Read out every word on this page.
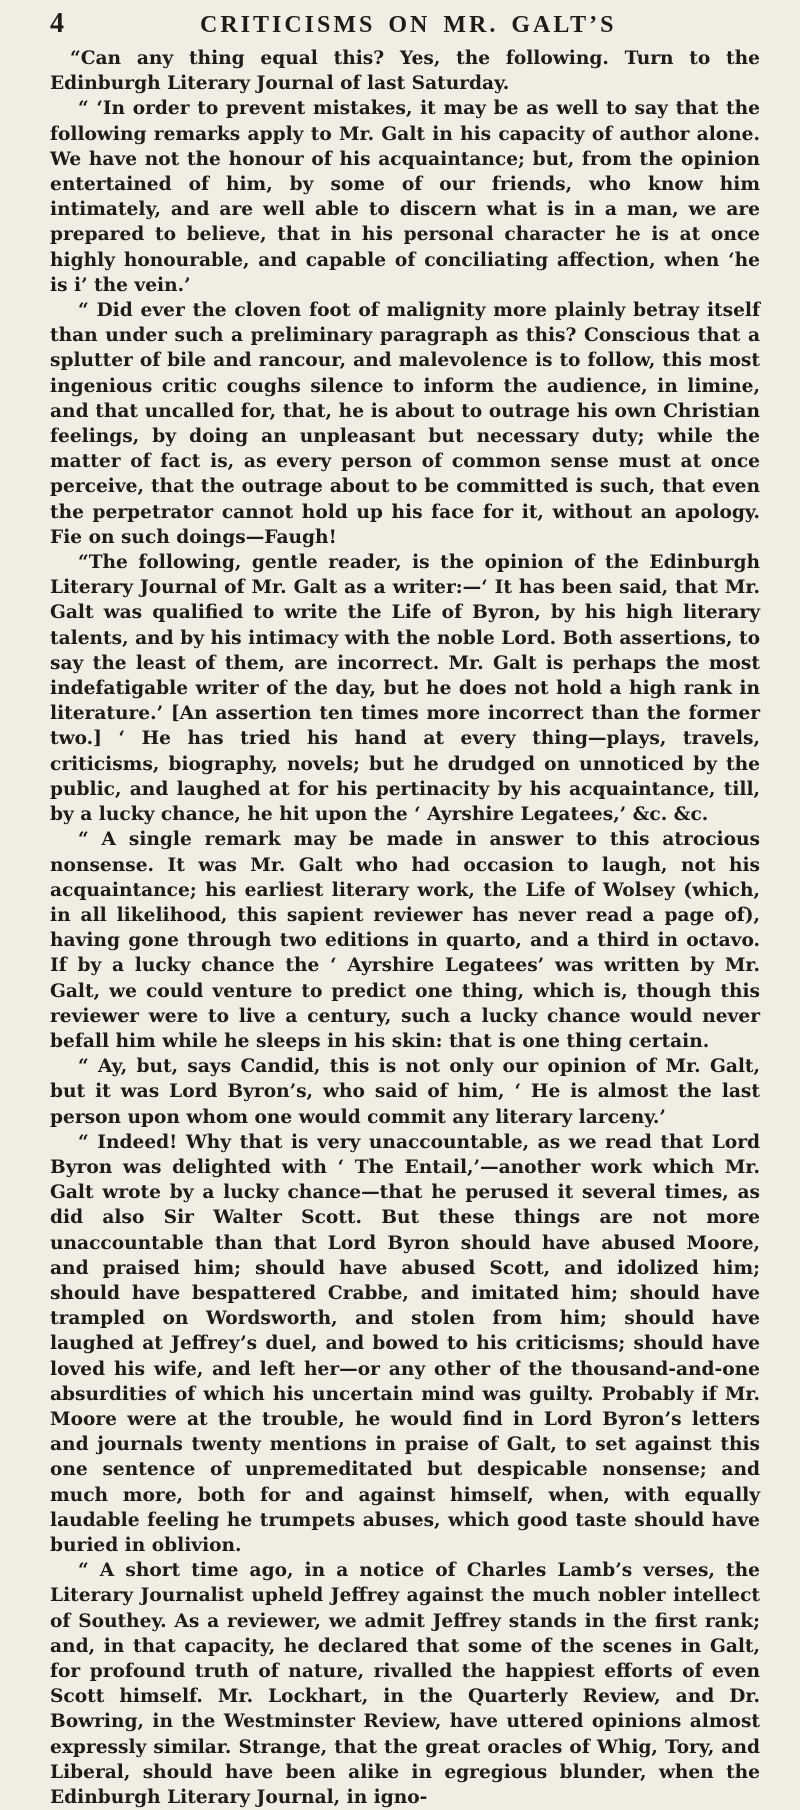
4	CRITICISMS ON MR. GALT’S

“Can any thing equal this? Yes, the following. Turn to the Edinburgh Literary Journal of last Saturday.

“ ‘In order to prevent mistakes, it may be as well to say that the following remarks apply to Mr. Galt in his capacity of author alone. We have not the honour of his acquaintance; but, from the opinion entertained of him, by some of our friends, who know him intimately, and are well able to discern what is in a man, we are prepared to believe, that in his personal character he is at once highly honourable, and capable of conciliating affection, when ‘he is i’ the vein.’

“ Did ever the cloven foot of malignity more plainly betray itself than under such a preliminary paragraph as this? Conscious that a splutter of bile and rancour, and malevolence is to follow, this most ingenious critic coughs silence to inform the audience, in limine, and that uncalled for, that, he is about to outrage his own Christian feelings, by doing an unpleasant but necessary duty; while the matter of fact is, as every person of common sense must at once perceive, that the outrage about to be committed is such, that even the perpetrator cannot hold up his face for it, without an apology. Fie on such doings—Faugh!

“The following, gentle reader, is the opinion of the Edinburgh Literary Journal of Mr. Galt as a writer:—‘ It has been said, that Mr. Galt was qualified to write the Life of Byron, by his high literary talents, and by his intimacy with the noble Lord. Both assertions, to say the least of them, are incorrect. Mr. Galt is perhaps the most indefatigable writer of the day, but he does not hold a high rank in literature.’ [An assertion ten times more incorrect than the former two.] ‘ He has tried his hand at every thing—plays, travels, criticisms, biography, novels; but he drudged on unnoticed by the public, and laughed at for his pertinacity by his acquaintance, till, by a lucky chance, he hit upon the ‘ Ayrshire Legatees,’ &c. &c.

“ A single remark may be made in answer to this atrocious nonsense. It was Mr. Galt who had occasion to laugh, not his acquaintance; his earliest literary work, the Life of Wolsey (which, in all likelihood, this sapient reviewer has never read a page of), having gone through two editions in quarto, and a third in octavo. If by a lucky chance the ‘ Ayrshire Legatees’ was written by Mr. Galt, we could venture to predict one thing, which is, though this reviewer were to live a century, such a lucky chance would never befall him while he sleeps in his skin: that is one thing certain.

“ Ay, but, says Candid, this is not only our opinion of Mr. Galt, but it was Lord Byron’s, who said of him, ‘ He is almost the last person upon whom one would commit any literary larceny.’

“ Indeed! Why that is very unaccountable, as we read that Lord Byron was delighted with ‘ The Entail,’—another work which Mr. Galt wrote by a lucky chance—that he perused it several times, as did also Sir Walter Scott. But these things are not more unaccountable than that Lord Byron should have abused Moore, and praised him; should have abused Scott, and idolized him; should have bespattered Crabbe, and imitated him; should have trampled on Wordsworth, and stolen from him; should have laughed at Jeffrey’s duel, and bowed to his criticisms; should have loved his wife, and left her—or any other of the thousand-and-one absurdities of which his uncertain mind was guilty. Probably if Mr. Moore were at the trouble, he would find in Lord Byron’s letters and journals twenty mentions in praise of Galt, to set against this one sentence of unpremeditated but despicable nonsense; and much more, both for and against himself, when, with equally laudable feeling he trumpets abuses, which good taste should have buried in oblivion.

“ A short time ago, in a notice of Charles Lamb’s verses, the Literary Journalist upheld Jeffrey against the much nobler intellect of Southey. As a reviewer, we admit Jeffrey stands in the first rank; and, in that capacity, he declared that some of the scenes in Galt, for profound truth of nature, rivalled the happiest efforts of even Scott himself. Mr. Lockhart, in the Quarterly Review, and Dr. Bowring, in the Westminster Review, have uttered opinions almost expressly similar. Strange, that the great oracles of Whig, Tory, and Liberal, should have been alike in egregious blunder, when the Edinburgh Literary Journal, in igno-
